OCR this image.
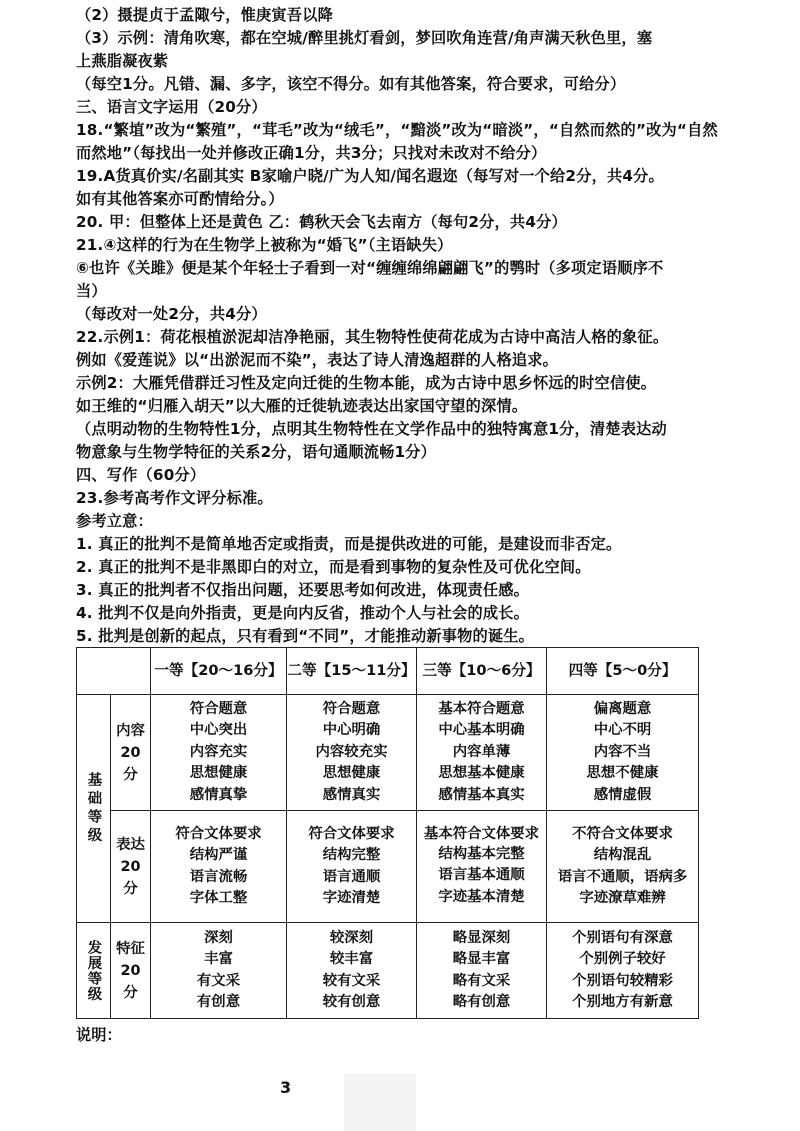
（2）摄提贞于孟陬兮，惟庚寅吾以降
（3）示例：清角吹寒，都在空城/醉里挑灯看剑，梦回吹角连营/角声满天秋色里，塞
上燕脂凝夜紫
（每空1分。凡错、漏、多字，该空不得分。如有其他答案，符合要求，可给分）
三、语言文字运用（20分）
18.“繁埴”改为“繁殖”，“茸毛”改为“绒毛”，“黯淡”改为“暗淡”，“自然而然的”改为“自然
而然地”（每找出一处并修改正确1分，共3分；只找对未改对不给分）
19.A货真价实/名副其实 B家喻户晓/广为人知/闻名遐迩（每写对一个给2分，共4分。
如有其他答案亦可酌情给分。）
20. 甲：但整体上还是黄色 乙：鹤秋天会飞去南方（每句2分，共4分）
21.④这样的行为在生物学上被称为“婚飞”（主语缺失）
⑥也许《关雎》便是某个年轻士子看到一对“缠缠绵绵翩翩飞”的鹗时（多项定语顺序不
当）
（每改对一处2分，共4分）
22.示例1：荷花根植淤泥却洁净艳丽，其生物特性使荷花成为古诗中高洁人格的象征。
例如《爱莲说》以“出淤泥而不染”，表达了诗人清逸超群的人格追求。
示例2：大雁凭借群迁习性及定向迁徙的生物本能，成为古诗中思乡怀远的时空信使。
如王维的“归雁入胡天”以大雁的迁徙轨迹表达出家国守望的深情。
（点明动物的生物特性1分，点明其生物特性在文学作品中的独特寓意1分，清楚表达动
物意象与生物学特征的关系2分，语句通顺流畅1分）
四、写作（60分）
23.参考高考作文评分标准。
参考立意：
1. 真正的批判不是简单地否定或指责，而是提供改进的可能，是建设而非否定。
2. 真正的批判不是非黑即白的对立，而是看到事物的复杂性及可优化空间。
3. 真正的批判者不仅指出问题，还要思考如何改进，体现责任感。
4. 批判不仅是向外指责，更是向内反省，推动个人与社会的成长。
5. 批判是创新的起点，只有看到“不同”，才能推动新事物的诞生。
		一等【20～16分】	二等【15～11分】	三等【10～6分】	四等【5～0分】

基础等级	内容20分	符合题意
中心突出
内容充实
思想健康
感情真挚	符合题意
中心明确
内容较充实
思想健康
感情真实	基本符合题意
中心基本明确
内容单薄
思想基本健康
感情基本真实	偏离题意
中心不明
内容不当
思想不健康
感情虚假

	表达20分	符合文体要求
结构严谨
语言流畅
字体工整	符合文体要求
结构完整
语言通顺
字迹清楚	基本符合文体要求
结构基本完整
语言基本通顺
字迹基本清楚	不符合文体要求
结构混乱
语言不通顺，语病多
字迹潦草难辨

发展等级	特征20分	深刻
丰富
有文采
有创意	较深刻
较丰富
较有文采
较有创意	略显深刻
略显丰富
略有文采
略有创意	个别语句有深意
个别例子较好
个别语句较精彩
个别地方有新意
说明：
3
